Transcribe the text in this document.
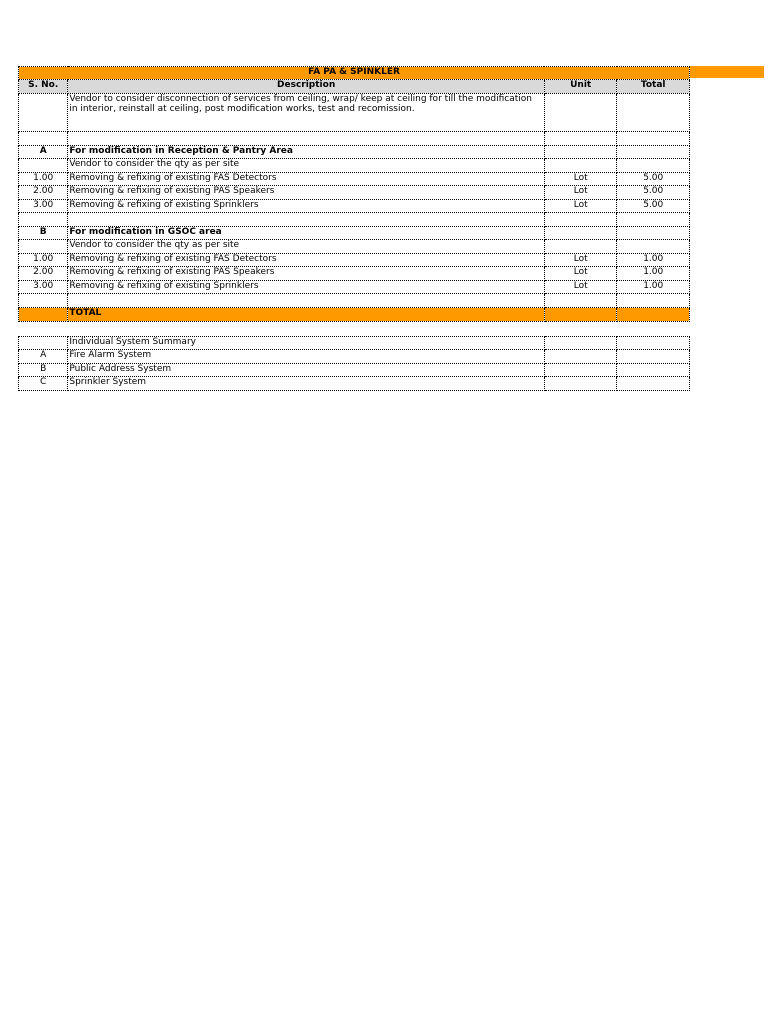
FA PA & SPINKLER			
S. No.	Description	Unit	Total
	Vendor to consider disconnection of services from ceiling, wrap/ keep at ceiling for till the modification in interior, reinstall at ceiling, post modification works, test and recomission.		

A	For modification in Reception & Pantry Area		
	Vendor to consider the qty as per site		
1.00	Removing & refixing of existing FAS Detectors	Lot	5.00
2.00	Removing & refixing of existing PAS Speakers	Lot	5.00
3.00	Removing & refixing of existing Sprinklers	Lot	5.00

B	For modification in GSOC area		
	Vendor to consider the qty as per site		
1.00	Removing & refixing of existing FAS Detectors	Lot	1.00
2.00	Removing & refixing of existing PAS Speakers	Lot	1.00
3.00	Removing & refixing of existing Sprinklers	Lot	1.00

	TOTAL		
	Individual System Summary		
A	Fire Alarm System		
B	Public Address System		
C	Sprinkler System		
